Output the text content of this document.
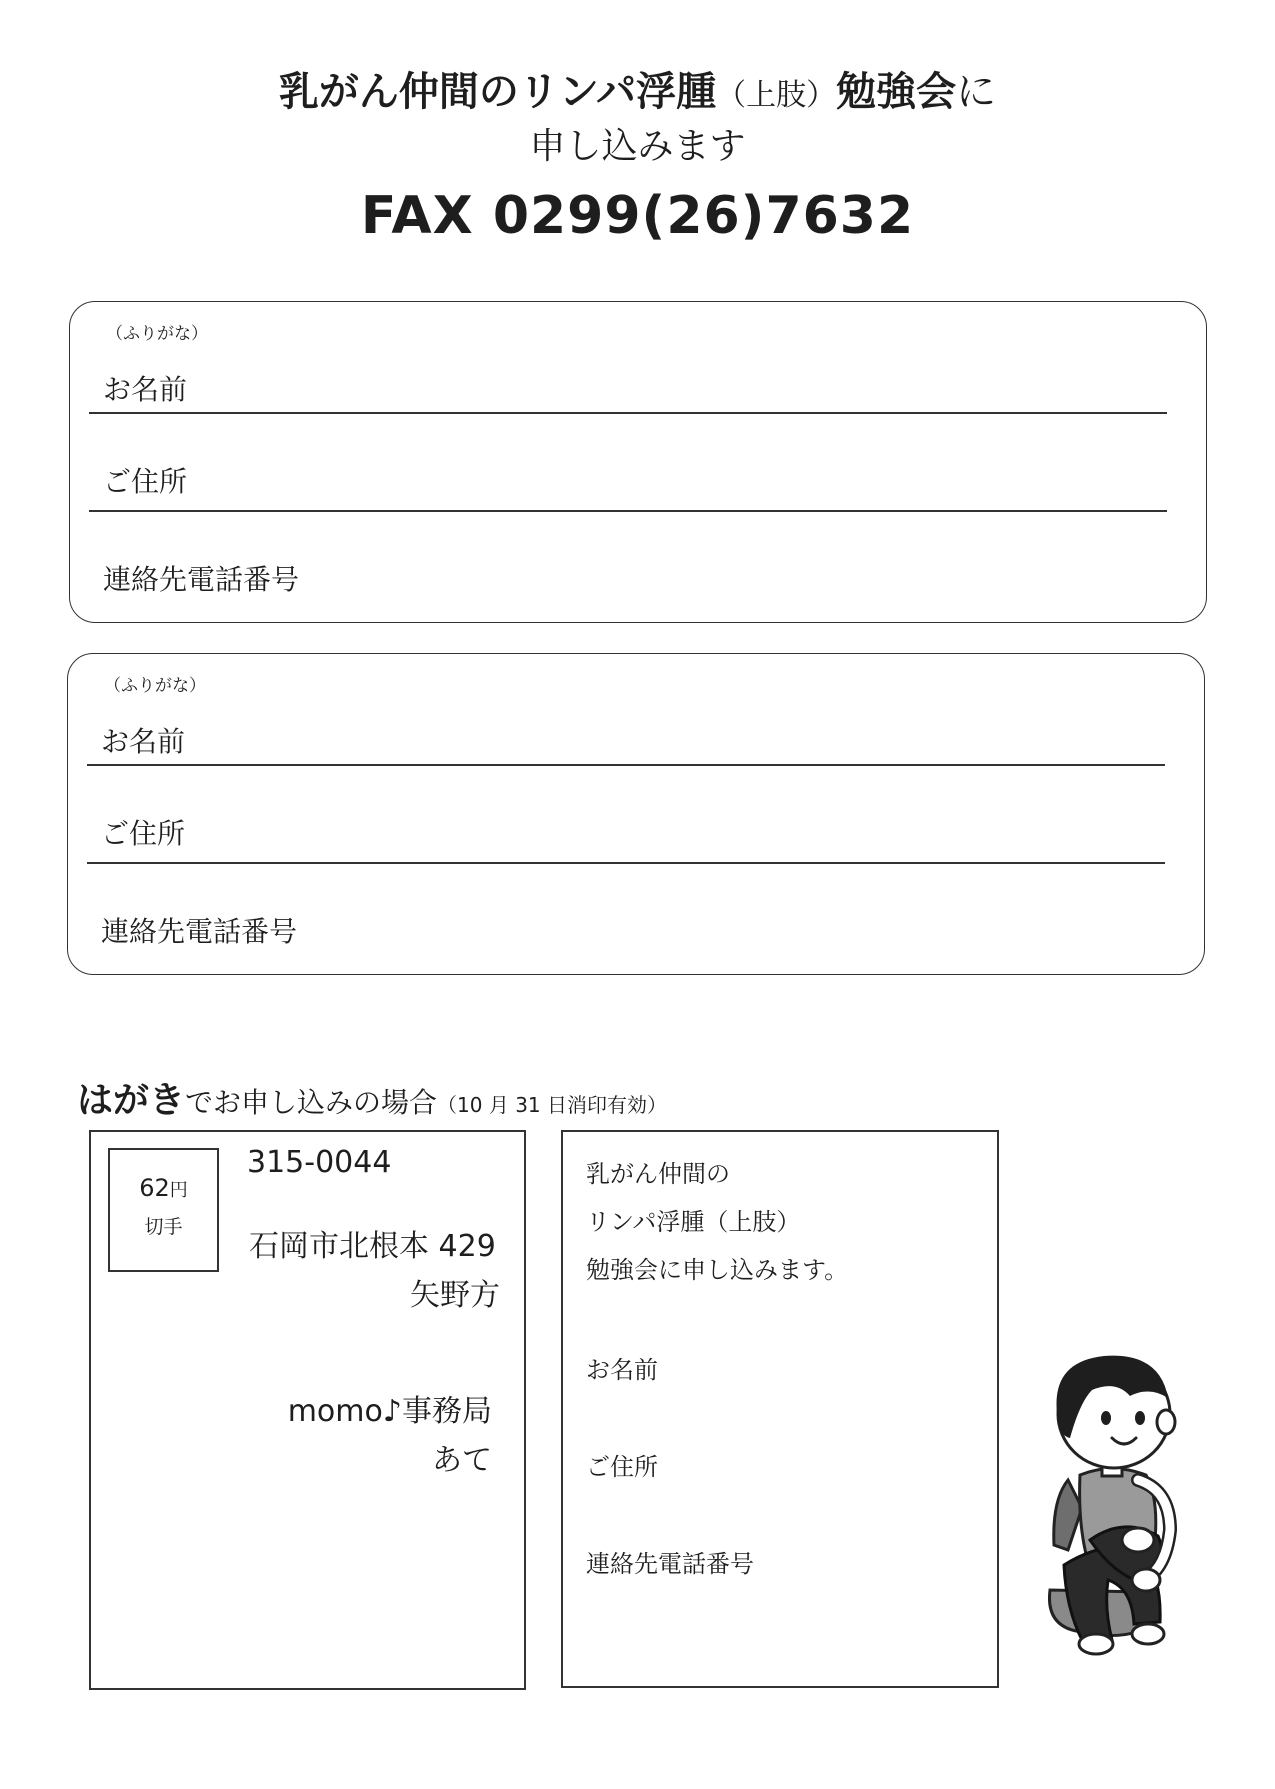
乳がん仲間のリンパ浮腫（上肢）勉強会に
申し込みます
FAX 0299(26)7632
（ふりがな）
お名前
ご住所
連絡先電話番号
（ふりがな）
お名前
ご住所
連絡先電話番号
はがきでお申し込みの場合（10 月 31 日消印有効）
62円
切手
315-0044
石岡市北根本 429
矢野方
momo♪事務局
あて
乳がん仲間の
リンパ浮腫（上肢）
勉強会に申し込みます。
お名前
ご住所
連絡先電話番号
